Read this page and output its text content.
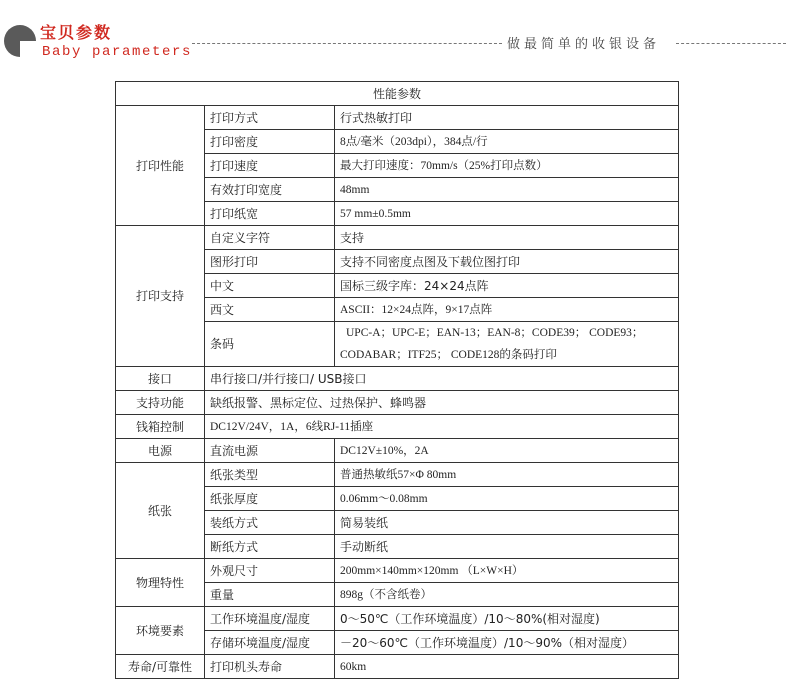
宝贝参数
Baby parameters	做最简单的收银设备
性能参数		
打印性能	打印方式	行式热敏打印
	打印密度	8点/毫米（203dpi），384点/行
	打印速度	最大打印速度：70mm/s（25%打印点数）
	有效打印宽度	48mm
	打印纸宽	57 mm±0.5mm
打印支持	自定义字符	支持
	图形打印	支持不同密度点图及下载位图打印
	中文	国标三级字库：24×24点阵
	西文	ASCII：12×24点阵，9×17点阵
	条码	UPC-A；UPC-E；EAN-13；EAN-8；CODE39； CODE93；
CODABAR；ITF25； CODE128的条码打印

接口	串行接口/并行接口/ USB接口	
支持功能	缺纸报警、黑标定位、过热保护、蜂鸣器	
钱箱控制	DC12V/24V，1A，6线RJ-11插座	
电源	直流电源	DC12V±10%，2A
纸张	纸张类型	普通热敏纸57×Φ 80mm
	纸张厚度	0.06mm～0.08mm
	装纸方式	简易装纸
	断纸方式	手动断纸
物理特性	外观尺寸	200mm×140mm×120mm （L×W×H）
	重量	898g（不含纸卷）
环境要素	工作环境温度/湿度	0～50℃（工作环境温度）/10～80%(相对湿度)
	存储环境温度/湿度	－20～60℃（工作环境温度）/10～90%（相对湿度）
寿命/可靠性	打印机头寿命	60km
